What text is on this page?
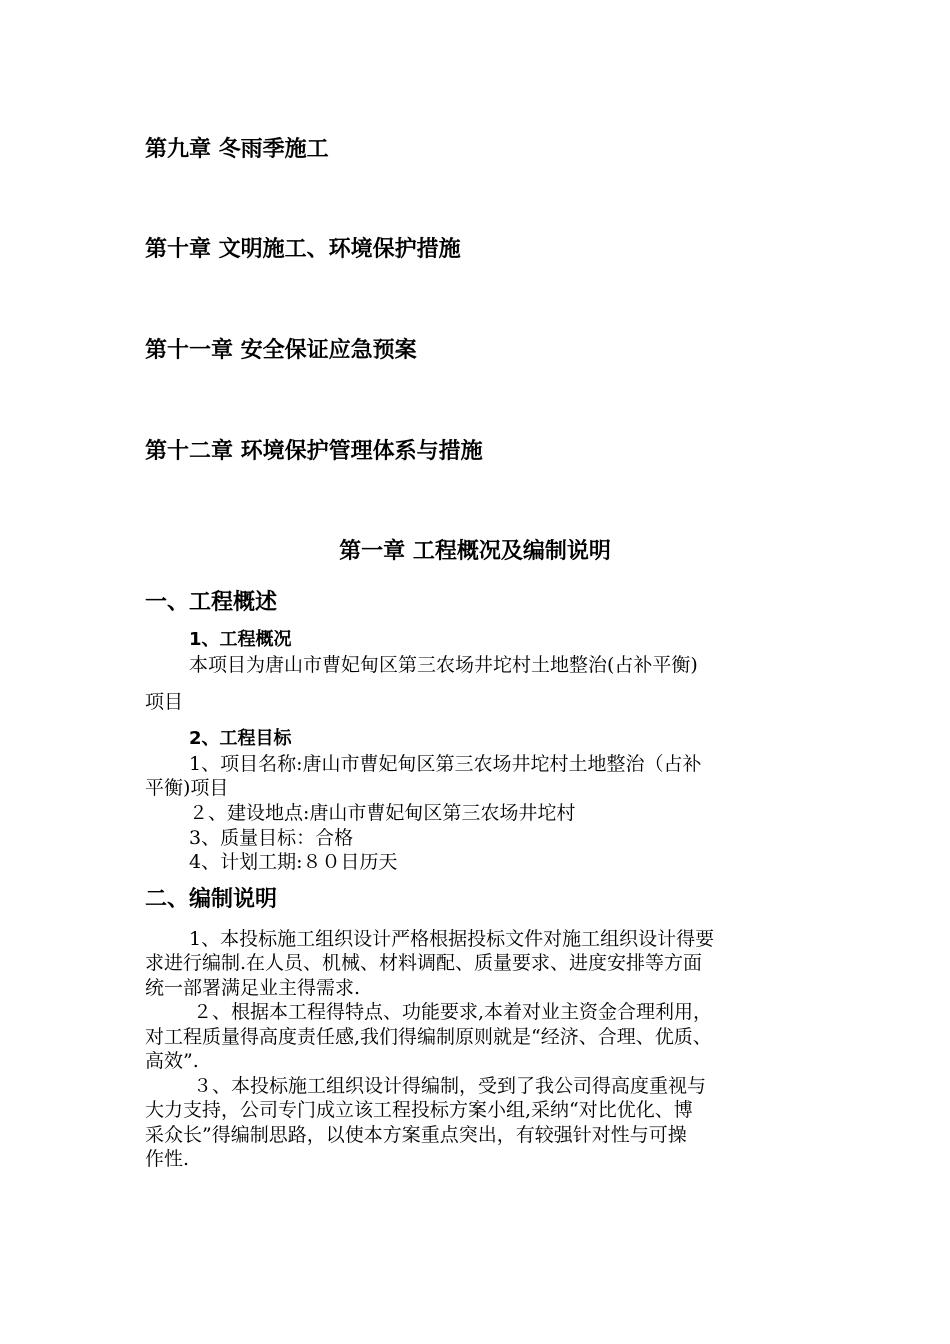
第九章 冬雨季施工
第十章 文明施工、环境保护措施
第十一章 安全保证应急预案
第十二章 环境保护管理体系与措施
第一章 工程概况及编制说明
一、工程概述
1、工程概况
本项目为唐山市曹妃甸区第三农场井坨村土地整治(占补平衡)
项目
2、工程目标
1、项目名称:唐山市曹妃甸区第三农场井坨村土地整治（占补
平衡)项目
２、建设地点:唐山市曹妃甸区第三农场井坨村
3、质量目标：合格
4、计划工期:８０日历天
二、编制说明
1、本投标施工组织设计严格根据投标文件对施工组织设计得要
求进行编制.在人员、机械、材料调配、质量要求、进度安排等方面
统一部署满足业主得需求.
２、根据本工程得特点、功能要求,本着对业主资金合理利用，
对工程质量得高度责任感,我们得编制原则就是“经济、合理、优质、
高效”.
３、本投标施工组织设计得编制，受到了我公司得高度重视与
大力支持，公司专门成立该工程投标方案小组,采纳“对比优化、博
采众长”得编制思路，以使本方案重点突出，有较强针对性与可操
作性.
